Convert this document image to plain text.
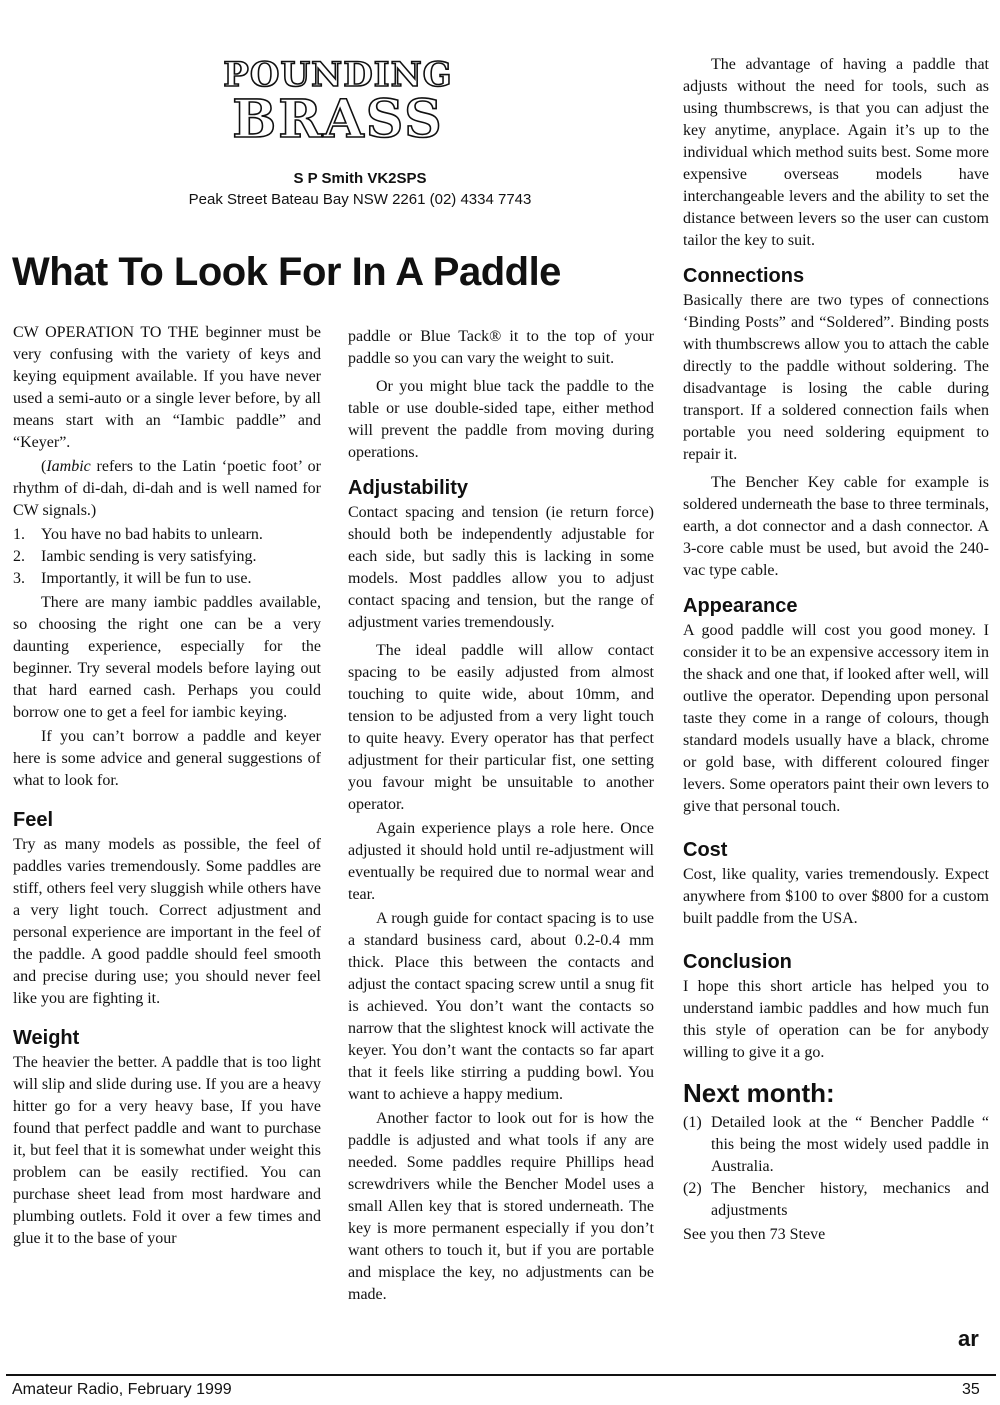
POUNDING
BRASS
S P Smith VK2SPS
Peak Street Bateau Bay NSW 2261 (02) 4334 7743
What To Look For In A Paddle

CW OPERATION TO THE beginner must be very confusing with the variety of keys and keying equipment available. If you have never used a semi-auto or a single lever before, by all means start with an “Iambic paddle” and “Keyer”.

(Iambic refers to the Latin ‘poetic foot’ or rhythm of di-dah, di-dah and is well named for CW signals.)

1.	You have no bad habits to unlearn.
2.	Iambic sending is very satisfying.
3.	Importantly, it will be fun to use.

There are many iambic paddles available, so choosing the right one can be a very daunting experience, especially for the beginner. Try several models before laying out that hard earned cash. Perhaps you could borrow one to get a feel for iambic keying.

If you can’t borrow a paddle and keyer here is some advice and general suggestions of what to look for.

Feel

Try as many models as possible, the feel of paddles varies tremendously. Some paddles are stiff, others feel very sluggish while others have a very light touch. Correct adjustment and personal experience are important in the feel of the paddle. A good paddle should feel smooth and precise during use; you should never feel like you are fighting it.

Weight

The heavier the better. A paddle that is too light will slip and slide during use. If you are a heavy hitter go for a very heavy base, If you have found that perfect paddle and want to purchase it, but feel that it is somewhat under weight this problem can be easily rectified. You can purchase sheet lead from most hardware and plumbing outlets. Fold it over a few times and glue it to the base of your

paddle or Blue Tack® it to the top of your paddle so you can vary the weight to suit.

Or you might blue tack the paddle to the table or use double-sided tape, either method will prevent the paddle from moving during operations.

Adjustability

Contact spacing and tension (ie return force) should both be independently adjustable for each side, but sadly this is lacking in some models. Most paddles allow you to adjust contact spacing and tension, but the range of adjustment varies tremendously.

The ideal paddle will allow contact spacing to be easily adjusted from almost touching to quite wide, about 10mm, and tension to be adjusted from a very light touch to quite heavy. Every operator has that perfect adjustment for their particular fist, one setting you favour might be unsuitable to another operator.

Again experience plays a role here. Once adjusted it should hold until re-adjustment will eventually be required due to normal wear and tear.

A rough guide for contact spacing is to use a standard business card, about 0.2-0.4 mm thick. Place this between the contacts and adjust the contact spacing screw until a snug fit is achieved. You don’t want the contacts so narrow that the slightest knock will activate the keyer. You don’t want the contacts so far apart that it feels like stirring a pudding bowl. You want to achieve a happy medium.

Another factor to look out for is how the paddle is adjusted and what tools if any are needed. Some paddles require Phillips head screwdrivers while the Bencher Model uses a small Allen key that is stored underneath. The key is more permanent especially if you don’t want others to touch it, but if you are portable and misplace the key, no adjustments can be made.

The advantage of having a paddle that adjusts without the need for tools, such as using thumbscrews, is that you can adjust the key anytime, anyplace. Again it’s up to the individual which method suits best. Some more expensive overseas models have interchangeable levers and the ability to set the distance between levers so the user can custom tailor the key to suit.

Connections

Basically there are two types of connections ‘Binding Posts” and “Soldered”. Binding posts with thumbscrews allow you to attach the cable directly to the paddle without soldering. The disadvantage is losing the cable during transport. If a soldered connection fails when portable you need soldering equipment to repair it.

The Bencher Key cable for example is soldered underneath the base to three terminals, earth, a dot connector and a dash connector. A 3-core cable must be used, but avoid the 240-vac type cable.

Appearance

A good paddle will cost you good money. I consider it to be an expensive accessory item in the shack and one that, if looked after well, will outlive the operator. Depending upon personal taste they come in a range of colours, though standard models usually have a black, chrome or gold base, with different coloured finger levers. Some operators paint their own levers to give that personal touch.

Cost

Cost, like quality, varies tremendously. Expect anywhere from $100 to over $800 for a custom built paddle from the USA.

Conclusion

I hope this short article has helped you to understand iambic paddles and how much fun this style of operation can be for anybody willing to give it a go.

Next month:
(1) Detailed look at the “ Bencher Paddle “ this being the most widely used paddle in Australia.
(2) The Bencher history, mechanics and adjustments

See you then 73 Steve

ar
Amateur Radio, February 1999	35
